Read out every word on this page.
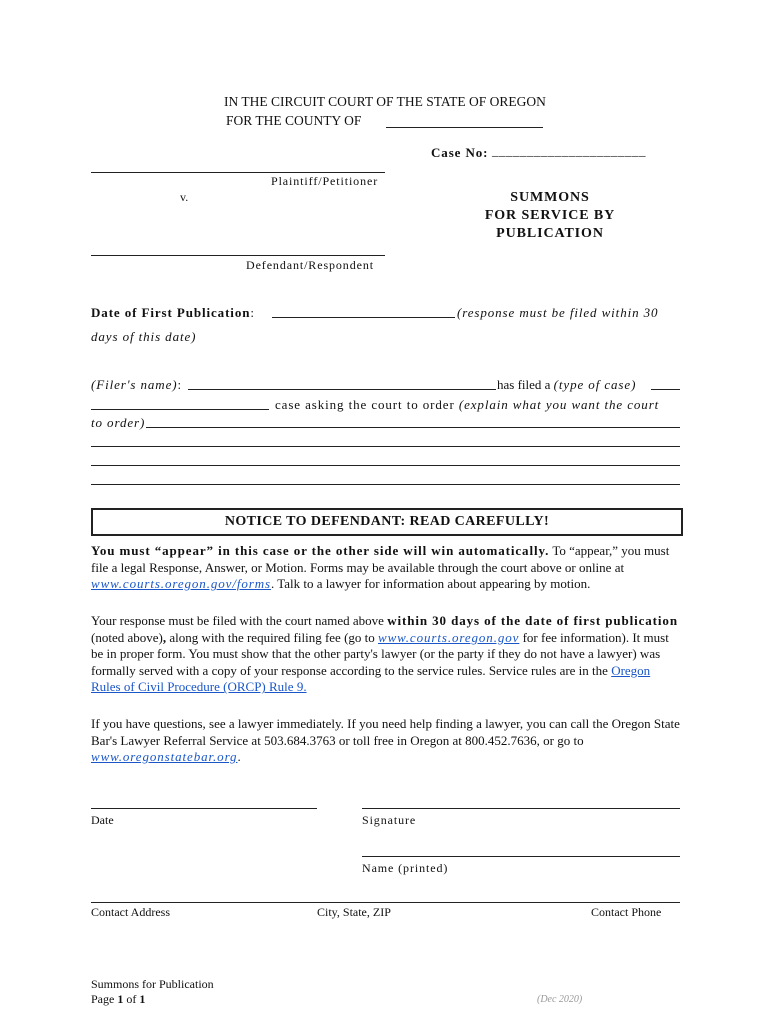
IN THE CIRCUIT COURT OF THE STATE OF OREGON
FOR THE COUNTY OF
Case No: ______________________
Plaintiff/Petitioner
v.	SUMMONS
FOR SERVICE BY
PUBLICATION
Defendant/Respondent
Date of First Publication:	(response must be filed within 30
days of this date)
(Filer's name):	has filed a (type of case)
case asking the court to order (explain what you want the court
to order)
NOTICE TO DEFENDANT: READ CAREFULLY!
You must “appear” in this case or the other side will win automatically. To “appear,” you must file a legal Response, Answer, or Motion. Forms may be available through the court above or online at www.courts.oregon.gov/forms. Talk to a lawyer for information about appearing by motion.
Your response must be filed with the court named above within 30 days of the date of first publication (noted above), along with the required filing fee (go to www.courts.oregon.gov for fee information). It must be in proper form. You must show that the other party's lawyer (or the party if they do not have a lawyer) was formally served with a copy of your response according to the service rules. Service rules are in the Oregon Rules of Civil Procedure (ORCP) Rule 9.
If you have questions, see a lawyer immediately. If you need help finding a lawyer, you can call the Oregon State Bar's Lawyer Referral Service at 503.684.3763 or toll free in Oregon at 800.452.7636, or go to www.oregonstatebar.org.
Date	Signature
Name (printed)
Contact Address	City, State, ZIP	Contact Phone
Summons for Publication
Page 1 of 1	(Dec 2020)
